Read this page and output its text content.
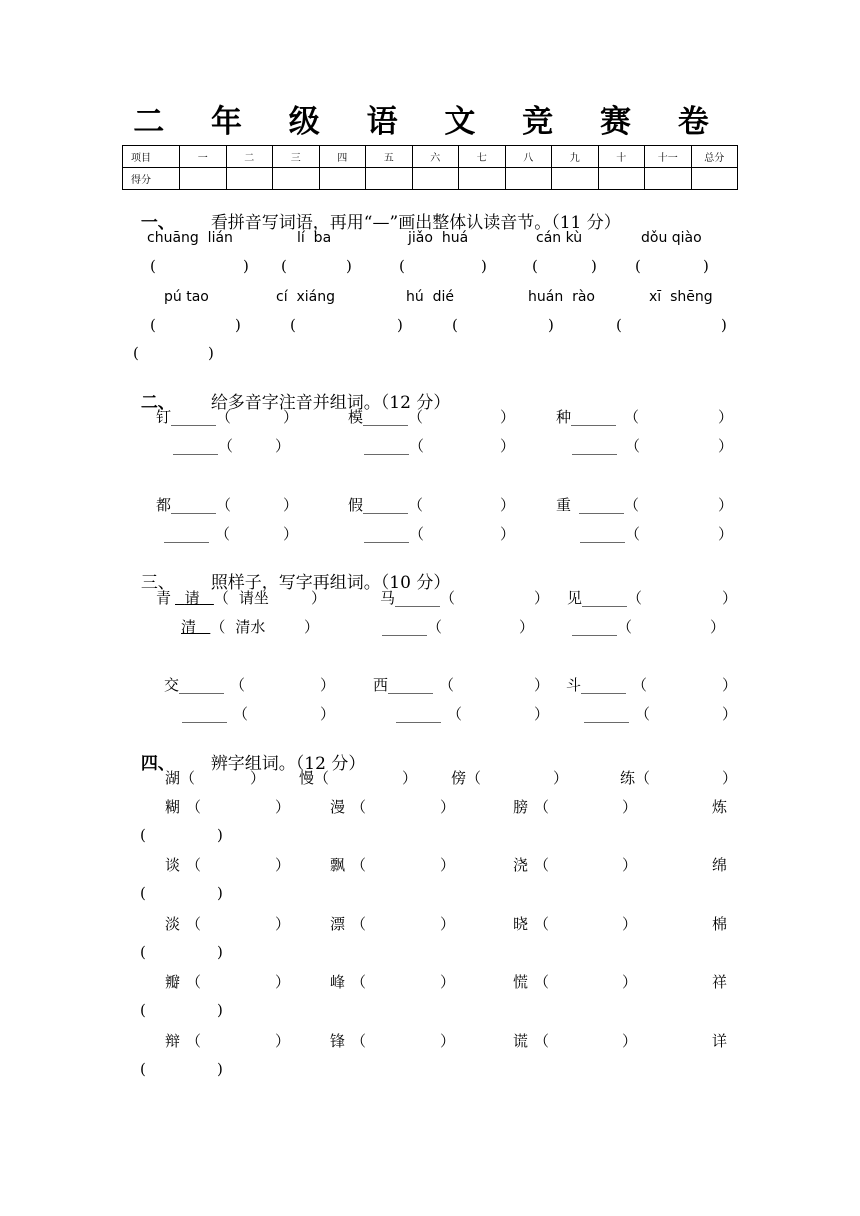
二 年 级 语 文 竞 赛 卷
项目	一	二	三	四	五	六	七	八	九	十	十一	总分
得分												

一、 看拼音写词语，再用“—”画出整体认读音节。（11 分）

chuāng  lián	lí  ba	jiǎo  huá	cán kù	dǒu qiào
(	) (	)	(	)	(	)	(	)
pú tao	cí  xiáng	hú  dié	huán  rào	xī  shēng
(	)	(	)	(	)	(	)
(	)

二、 给多音字注音并组词。（12 分）

钉______（	）	模______（	）	种______ （	）
______（	）	______（	）	______ （	）
都______（	）	假______（	）	重 ______（	）
______ （	）	______（	）	______（	）

三、 照样子，写字再组词。（10 分）

青 请 （ 请坐	）	马______（	） 见______（	）
清 （ 清水	）	______（	）	______（	）
交______ （	）	西______ （	） 斗______ （	）
______ （	）	______ （	） ______ （	）

四、 辨字组词。（12 分）

湖（	） 慢（	） 傍（	）	练（	）
糊 （	）	漫 （	）	膀 （	）	炼
(	)
谈 （	）	飘 （	）	浇 （	）	绵
(	)
淡 （	）	漂 （	）	晓 （	）	棉
(	)
瓣 （	）	峰 （	）	慌 （	）	祥
(	)
辩 （	）	锋 （	）	谎 （	）	详
(	)
